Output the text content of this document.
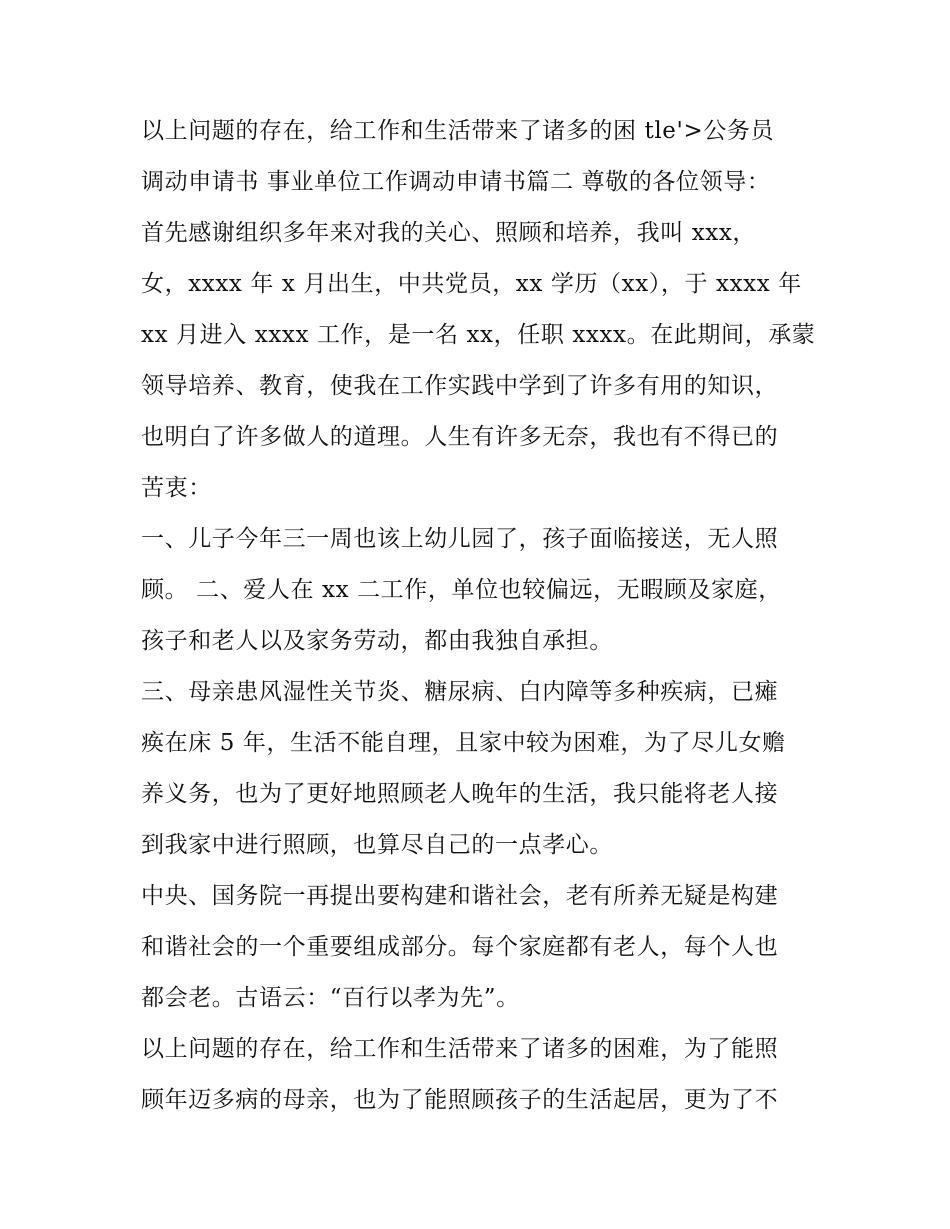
以上问题的存在，给工作和生活带来了诸多的困 tle'>公务员
调动申请书 事业单位工作调动申请书篇二 尊敬的各位领导：
首先感谢组织多年来对我的关心、照顾和培养，我叫 xxx，
女，xxxx 年 x 月出生，中共党员，xx 学历（xx），于 xxxx 年
xx 月进入 xxxx 工作，是一名 xx，任职 xxxx。在此期间，承蒙
领导培养、教育，使我在工作实践中学到了许多有用的知识，
也明白了许多做人的道理。人生有许多无奈，我也有不得已的
苦衷：
一、儿子今年三一周也该上幼儿园了，孩子面临接送，无人照
顾。 二、爱人在 xx 二工作，单位也较偏远，无暇顾及家庭，
孩子和老人以及家务劳动，都由我独自承担。
三、母亲患风湿性关节炎、糖尿病、白内障等多种疾病，已瘫
痪在床 5 年，生活不能自理，且家中较为困难，为了尽儿女赡
养义务，也为了更好地照顾老人晚年的生活，我只能将老人接
到我家中进行照顾，也算尽自己的一点孝心。
中央、国务院一再提出要构建和谐社会，老有所养无疑是构建
和谐社会的一个重要组成部分。每个家庭都有老人，每个人也
都会老。古语云：“百行以孝为先”。
以上问题的存在，给工作和生活带来了诸多的困难，为了能照
顾年迈多病的母亲，也为了能照顾孩子的生活起居，更为了不
